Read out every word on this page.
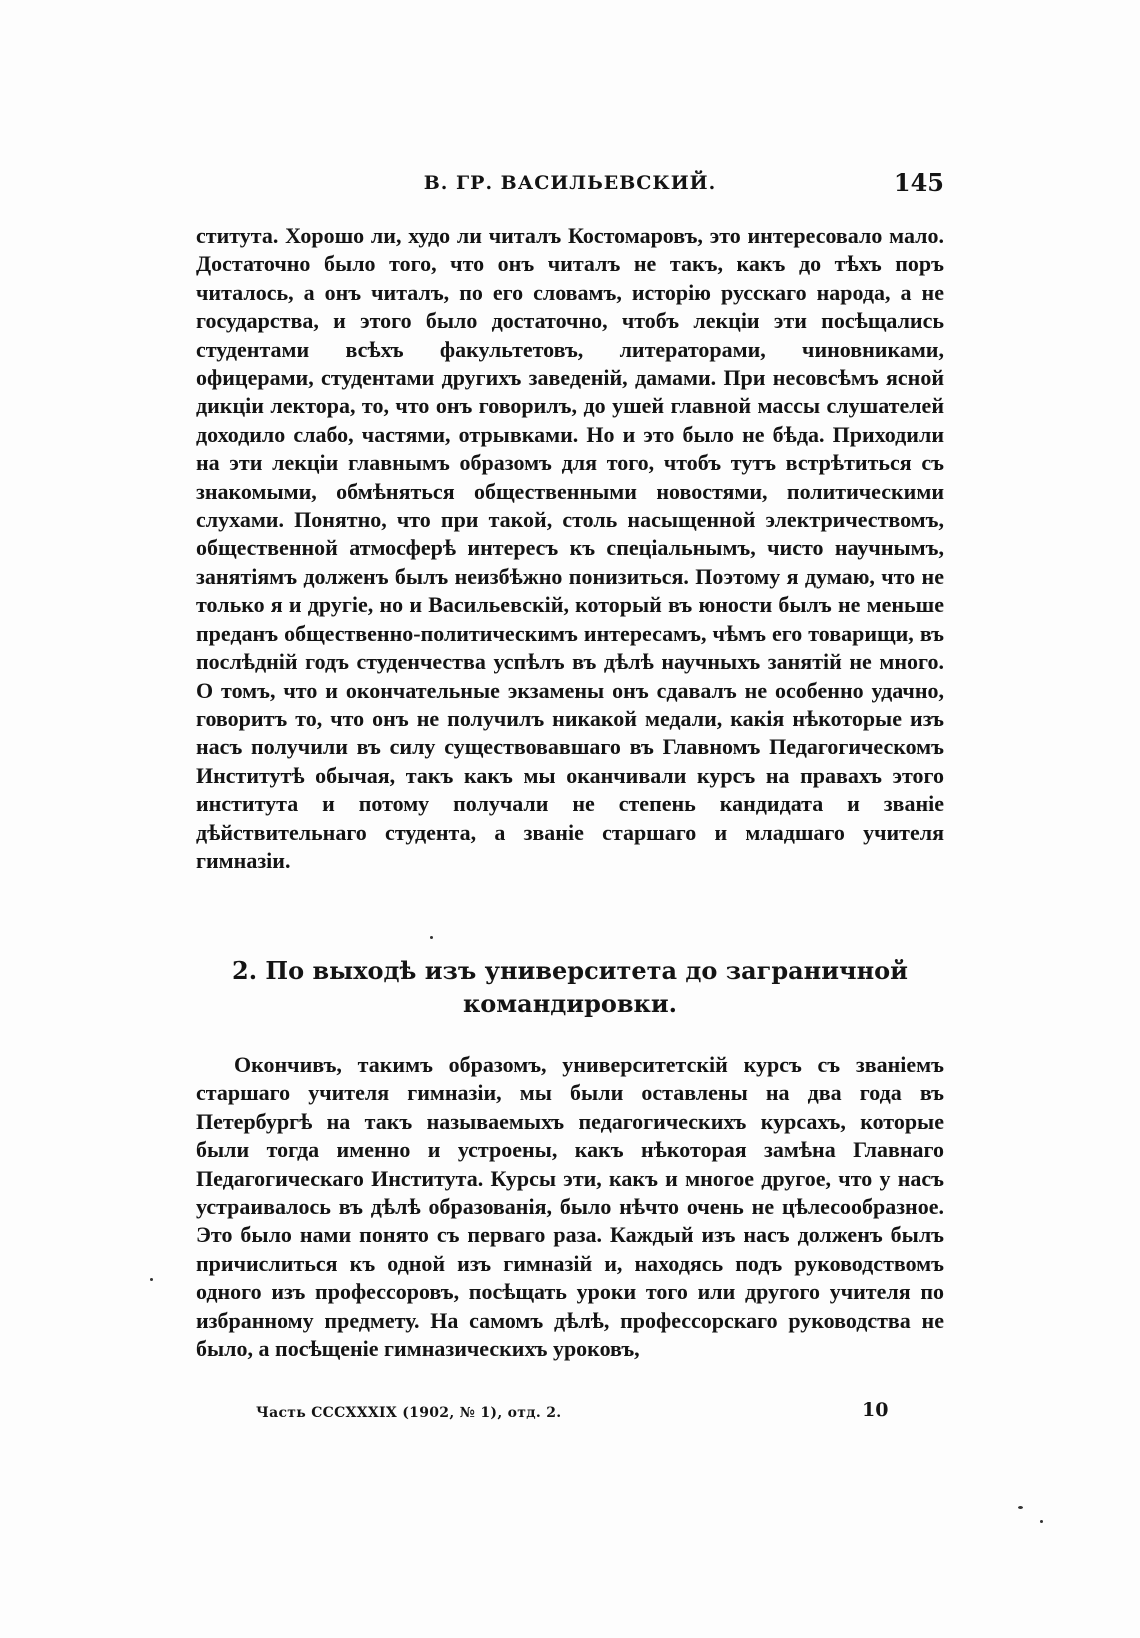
В. ГР. ВАСИЛЬЕВСКИЙ.	145

ститута. Хорошо ли, худо ли читалъ Костомаровъ, это интересовало мало. Достаточно было того, что онъ читалъ не такъ, какъ до тѣхъ поръ читалось, а онъ читалъ, по его словамъ, исторію русскаго народа, а не государства, и этого было достаточно, чтобъ лекціи эти посѣщались студентами всѣхъ факультетовъ, литераторами, чиновниками, офицерами, студентами другихъ заведеній, дамами. При несовсѣмъ ясной дикціи лектора, то, что онъ говорилъ, до ушей главной массы слушателей доходило слабо, частями, отрывками. Но и это было не бѣда. Приходили на эти лекціи главнымъ образомъ для того, чтобъ тутъ встрѣтиться съ знакомыми, обмѣняться общественными новостями, политическими слухами. Понятно, что при такой, столь насыщенной электричествомъ, общественной атмосферѣ интересъ къ спеціальнымъ, чисто научнымъ, занятіямъ долженъ былъ неизбѣжно понизиться. Поэтому я думаю, что не только я и другіе, но и Васильевскій, который въ юности былъ не меньше преданъ общественно-политическимъ интересамъ, чѣмъ его товарищи, въ послѣдній годъ студенчества успѣлъ въ дѣлѣ научныхъ занятій не много. О томъ, что и окончательные экзамены онъ сдавалъ не особенно удачно, говоритъ то, что онъ не получилъ никакой медали, какія нѣкоторые изъ насъ получили въ силу существовавшаго въ Главномъ Педагогическомъ Институтѣ обычая, такъ какъ мы оканчивали курсъ на правахъ этого института и потому получали не степень кандидата и званіе дѣйствительнаго студента, а званіе старшаго и младшаго учителя гимназіи.

2. По выходѣ изъ университета до заграничной командировки.

Окончивъ, такимъ образомъ, университетскій курсъ съ званіемъ старшаго учителя гимназіи, мы были оставлены на два года въ Петербургѣ на такъ называемыхъ педагогическихъ курсахъ, которые были тогда именно и устроены, какъ нѣкоторая замѣна Главнаго Педагогическаго Института. Курсы эти, какъ и многое другое, что у насъ устраивалось въ дѣлѣ образованія, было нѣчто очень не цѣлесообразное. Это было нами понято съ перваго раза. Каждый изъ насъ долженъ былъ причислиться къ одной изъ гимназій и, находясь подъ руководствомъ одного изъ профессоровъ, посѣщать уроки того или другого учителя по избранному предмету. На самомъ дѣлѣ, профессорскаго руководства не было, а посѣщеніе гимназическихъ уроковъ,

Часть CCCXXXIX (1902, № 1), отд. 2.	10
